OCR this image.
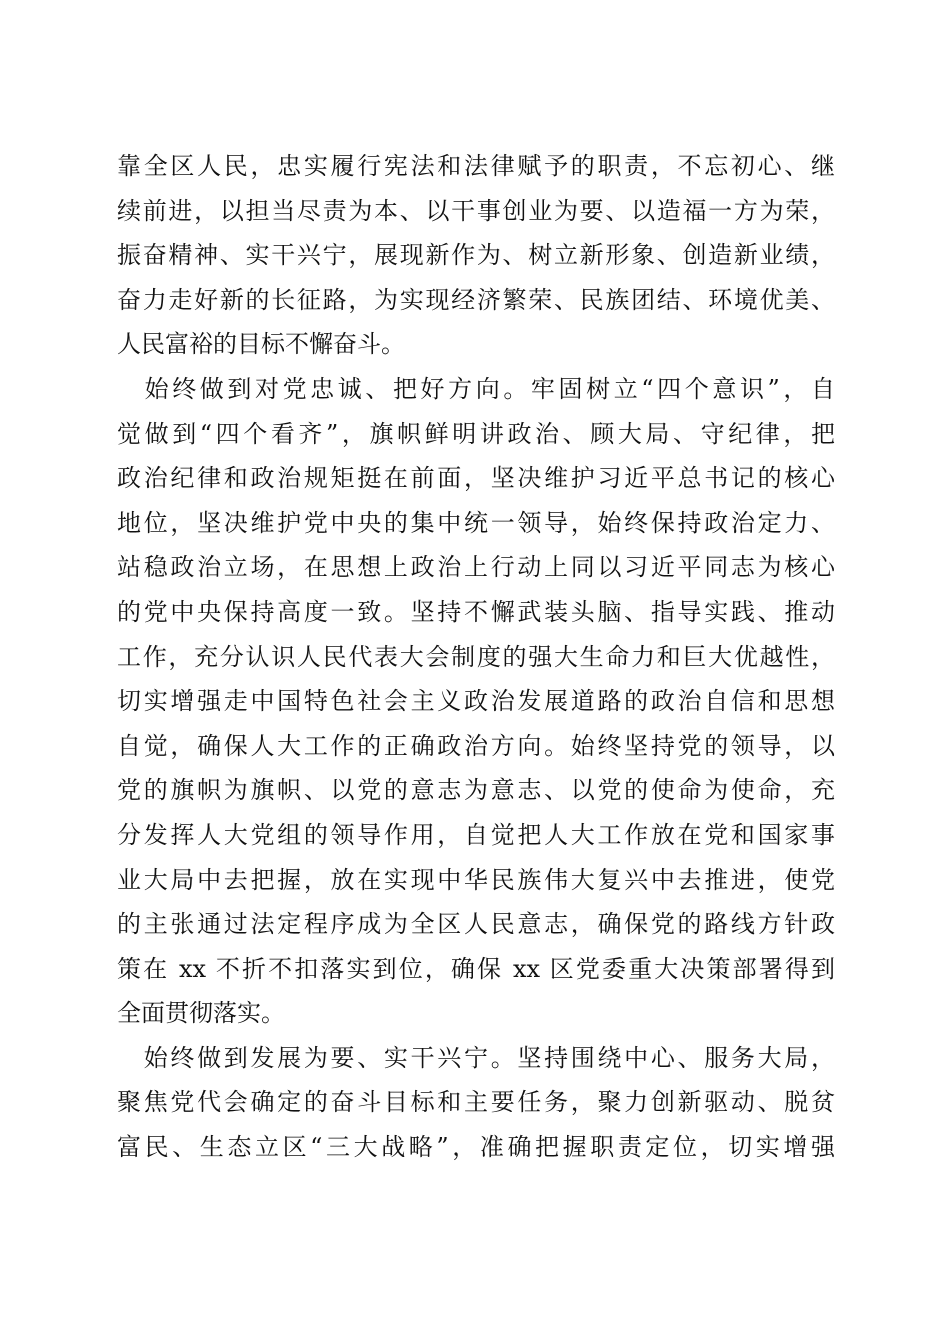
靠全区人民，忠实履行宪法和法律赋予的职责，不忘初心、继
续前进，以担当尽责为本、以干事创业为要、以造福一方为荣，
振奋精神、实干兴宁，展现新作为、树立新形象、创造新业绩，
奋力走好新的长征路，为实现经济繁荣、民族团结、环境优美、
人民富裕的目标不懈奋斗。
　始终做到对党忠诚、把好方向。牢固树立“四个意识”，自
觉做到“四个看齐”，旗帜鲜明讲政治、顾大局、守纪律，把
政治纪律和政治规矩挺在前面，坚决维护习近平总书记的核心
地位，坚决维护党中央的集中统一领导，始终保持政治定力、
站稳政治立场，在思想上政治上行动上同以习近平同志为核心
的党中央保持高度一致。坚持不懈武装头脑、指导实践、推动
工作，充分认识人民代表大会制度的强大生命力和巨大优越性，
切实增强走中国特色社会主义政治发展道路的政治自信和思想
自觉，确保人大工作的正确政治方向。始终坚持党的领导，以
党的旗帜为旗帜、以党的意志为意志、以党的使命为使命，充
分发挥人大党组的领导作用，自觉把人大工作放在党和国家事
业大局中去把握，放在实现中华民族伟大复兴中去推进，使党
的主张通过法定程序成为全区人民意志，确保党的路线方针政
策在 xx 不折不扣落实到位，确保 xx 区党委重大决策部署得到
全面贯彻落实。
　始终做到发展为要、实干兴宁。坚持围绕中心、服务大局，
聚焦党代会确定的奋斗目标和主要任务，聚力创新驱动、脱贫
富民、生态立区“三大战略”，准确把握职责定位，切实增强
